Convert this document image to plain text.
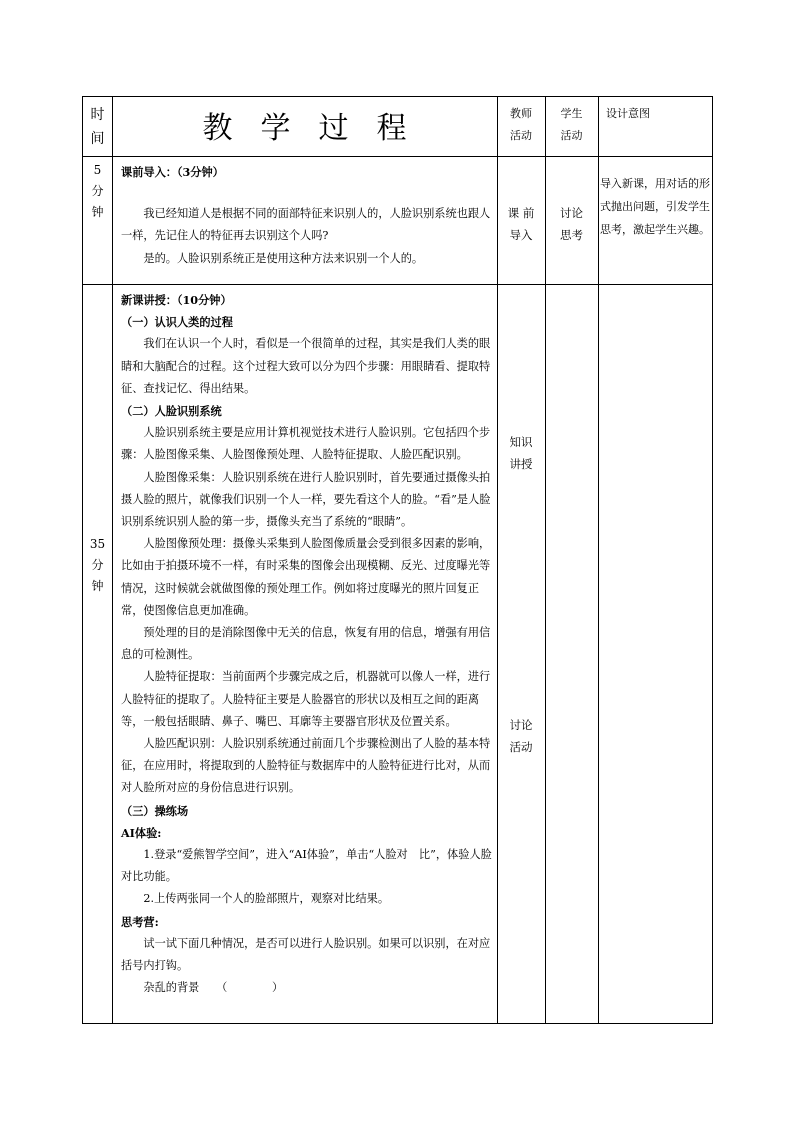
时
间	教学过程	教师
活动
学生
活动
设计意图
5
分
钟

课前导入：（3分钟）

我已经知道人是根据不同的面部特征来识别人的，人脸识别系统也跟人一样，先记住人的特征再去识别这个人吗?

是的。人脸识别系统正是使用这种方法来识别一个人的。

课 前
导入
讨论
思考
导入新课，用对话的形式抛出问题，引发学生思考，激起学生兴趣。
35
分
钟

新课讲授：（10分钟）

（一）认识人类的过程

我们在认识一个人时，看似是一个很简单的过程，其实是我们人类的眼睛和大脑配合的过程。这个过程大致可以分为四个步骤：用眼睛看、提取特征、查找记忆、得出结果。

（二）人脸识别系统

人脸识别系统主要是应用计算机视觉技术进行人脸识别。它包括四个步骤：人脸图像采集、人脸图像预处理、人脸特征提取、人脸匹配识别。

人脸图像采集：人脸识别系统在进行人脸识别时，首先要通过摄像头拍摄人脸的照片，就像我们识别一个人一样，要先看这个人的脸。“看”是人脸识别系统识别人脸的第一步，摄像头充当了系统的“眼睛”。

人脸图像预处理：摄像头采集到人脸图像质量会受到很多因素的影响，比如由于拍摄环境不一样，有时采集的图像会出现模糊、反光、过度曝光等情况，这时候就会就做图像的预处理工作。例如将过度曝光的照片回复正常，使图像信息更加准确。

预处理的目的是消除图像中无关的信息，恢复有用的信息，增强有用信息的可检测性。

人脸特征提取：当前面两个步骤完成之后，机器就可以像人一样，进行人脸特征的提取了。人脸特征主要是人脸器官的形状以及相互之间的距离等，一般包括眼睛、鼻子、嘴巴、耳廓等主要器官形状及位置关系。

人脸匹配识别：人脸识别系统通过前面几个步骤检测出了人脸的基本特征，在应用时，将提取到的人脸特征与数据库中的人脸特征进行比对，从而对人脸所对应的身份信息进行识别。

（三）操练场

AI体验:

1.登录“爱熊智学空间”，进入“AI体验”，单击“人脸对　比”，体验人脸对比功能。

2.上传两张同一个人的脸部照片，观察对比结果。

思考营:

试一试下面几种情况，是否可以进行人脸识别。如果可以识别，在对应括号内打钩。

杂乱的背景　　（　　　　）

知识
讲授
讨论
活动
